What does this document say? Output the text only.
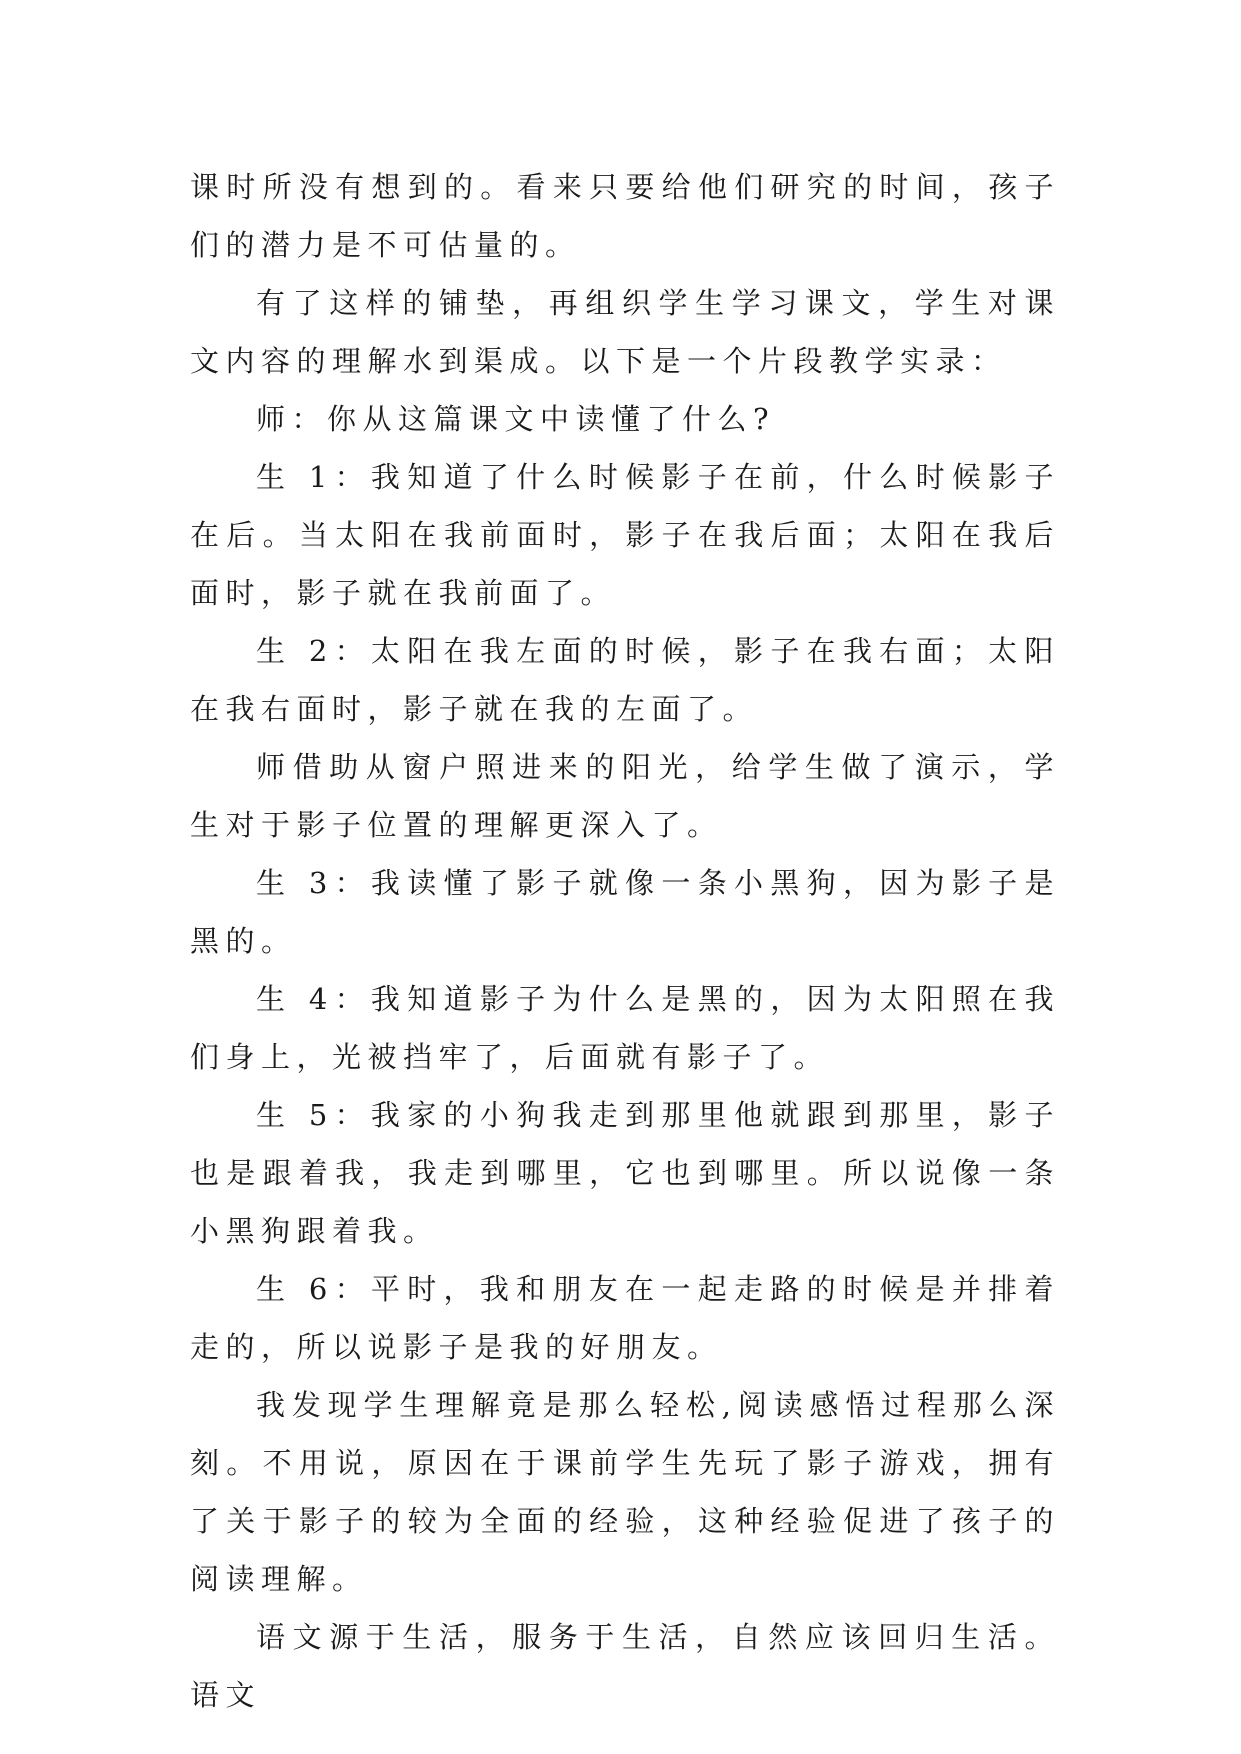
课时所没有想到的。看来只要给他们研究的时间，孩子们的潜力是不可估量的。

有了这样的铺垫，再组织学生学习课文，学生对课文内容的理解水到渠成。以下是一个片段教学实录：

师：你从这篇课文中读懂了什么?

生 1：我知道了什么时候影子在前，什么时候影子在后。当太阳在我前面时，影子在我后面；太阳在我后面时，影子就在我前面了。

生 2：太阳在我左面的时候，影子在我右面；太阳在我右面时，影子就在我的左面了。

师借助从窗户照进来的阳光，给学生做了演示，学生对于影子位置的理解更深入了。

生 3：我读懂了影子就像一条小黑狗，因为影子是黑的。

生 4：我知道影子为什么是黑的，因为太阳照在我们身上，光被挡牢了，后面就有影子了。

生 5：我家的小狗我走到那里他就跟到那里，影子也是跟着我，我走到哪里，它也到哪里。所以说像一条小黑狗跟着我。

生 6：平时，我和朋友在一起走路的时候是并排着走的，所以说影子是我的好朋友。

我发现学生理解竟是那么轻松,阅读感悟过程那么深刻。不用说，原因在于课前学生先玩了影子游戏，拥有了关于影子的较为全面的经验，这种经验促进了孩子的阅读理解。

语文源于生活，服务于生活，自然应该回归生活。语文
